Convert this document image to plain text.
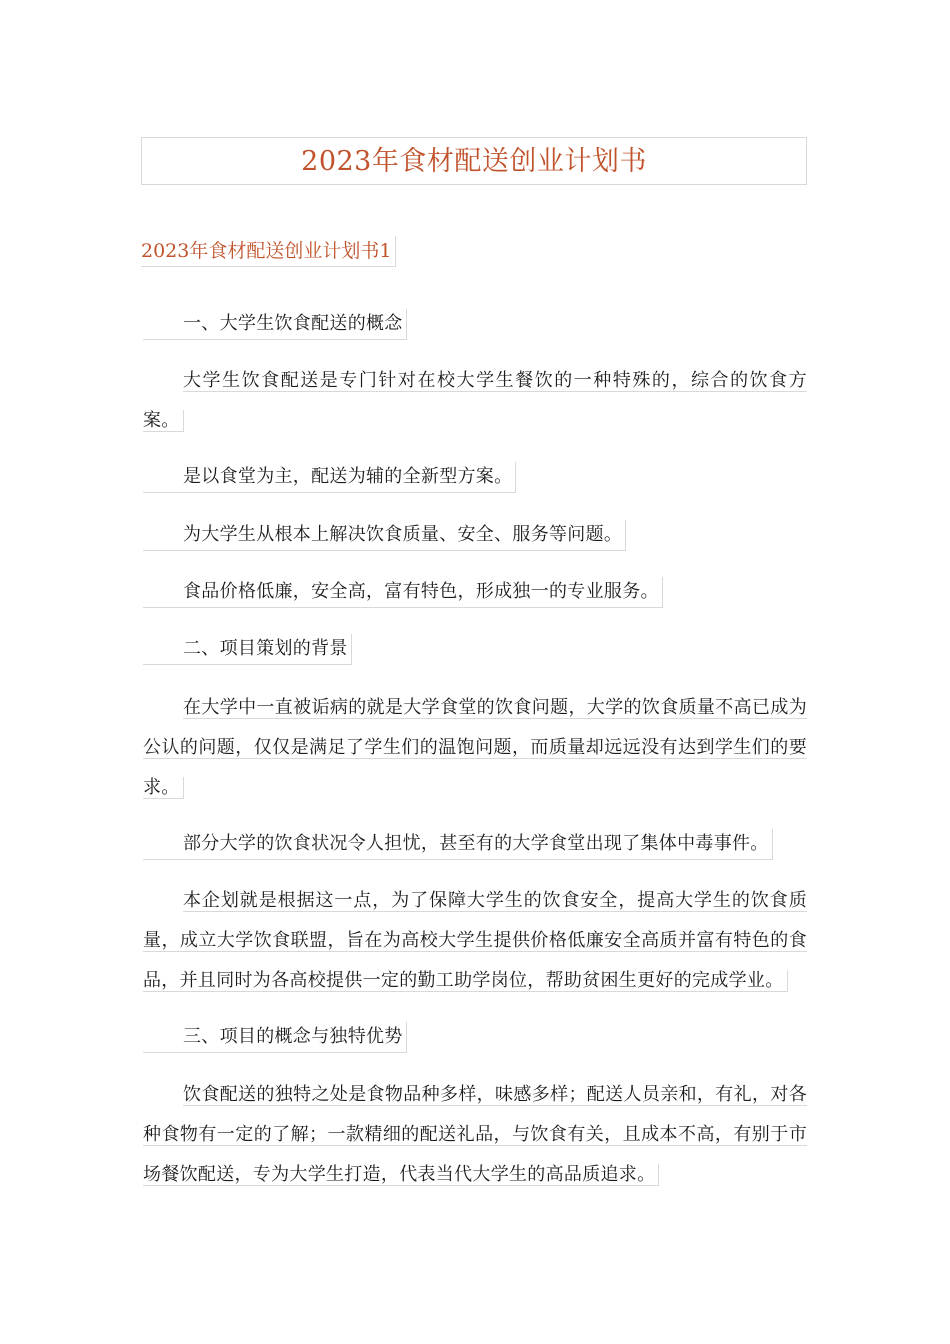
2023年食材配送创业计划书
2023年食材配送创业计划书1
一、大学生饮食配送的概念
大学生饮食配送是专门针对在校大学生餐饮的一种特殊的，综合的饮食方案。
是以食堂为主，配送为辅的全新型方案。
为大学生从根本上解决饮食质量、安全、服务等问题。
食品价格低廉，安全高，富有特色，形成独一的专业服务。
二、项目策划的背景
在大学中一直被诟病的就是大学食堂的饮食问题，大学的饮食质量不高已成为公认的问题，仅仅是满足了学生们的温饱问题，而质量却远远没有达到学生们的要求。
部分大学的饮食状况令人担忧，甚至有的大学食堂出现了集体中毒事件。
本企划就是根据这一点，为了保障大学生的饮食安全，提高大学生的饮食质量，成立大学饮食联盟，旨在为高校大学生提供价格低廉安全高质并富有特色的食品，并且同时为各高校提供一定的勤工助学岗位，帮助贫困生更好的完成学业。
三、项目的概念与独特优势
饮食配送的独特之处是食物品种多样，味感多样；配送人员亲和，有礼，对各种食物有一定的了解；一款精细的配送礼品，与饮食有关，且成本不高，有别于市场餐饮配送，专为大学生打造，代表当代大学生的高品质追求。
